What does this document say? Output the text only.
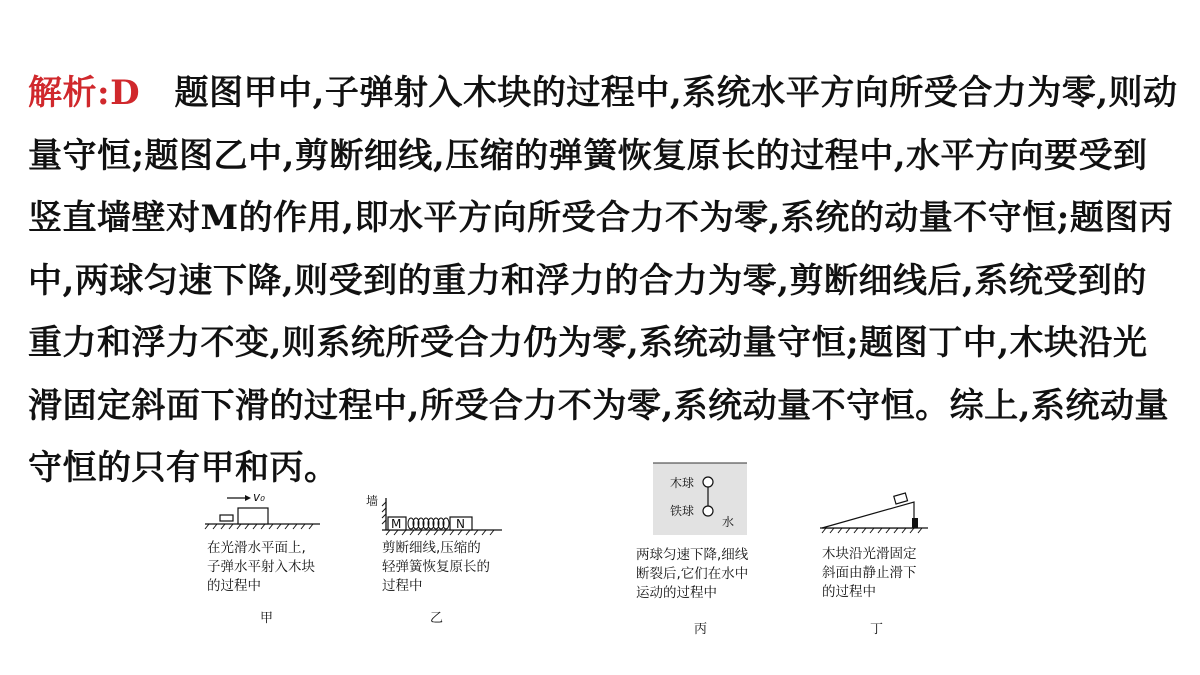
解析:D　题图甲中,子弹射入木块的过程中,系统水平方向所受合力为零,则动量守恒;题图乙中,剪断细线,压缩的弹簧恢复原长的过程中,水平方向要受到竖直墙壁对M的作用,即水平方向所受合力不为零,系统的动量不守恒;题图丙中,两球匀速下降,则受到的重力和浮力的合力为零,剪断细线后,系统受到的重力和浮力不变,则系统所受合力仍为零,系统动量守恒;题图丁中,木块沿光滑固定斜面下滑的过程中,所受合力不为零,系统动量不守恒。综上,系统动量守恒的只有甲和丙。

v₀
在光滑水平面上,
子弹水平射入木块
的过程中
甲
墙
M	N
剪断细线,压缩的
轻弹簧恢复原长的
过程中
乙
木球
铁球
水
两球匀速下降,细线
断裂后,它们在水中
运动的过程中
丙
木块沿光滑固定
斜面由静止滑下
的过程中
丁
